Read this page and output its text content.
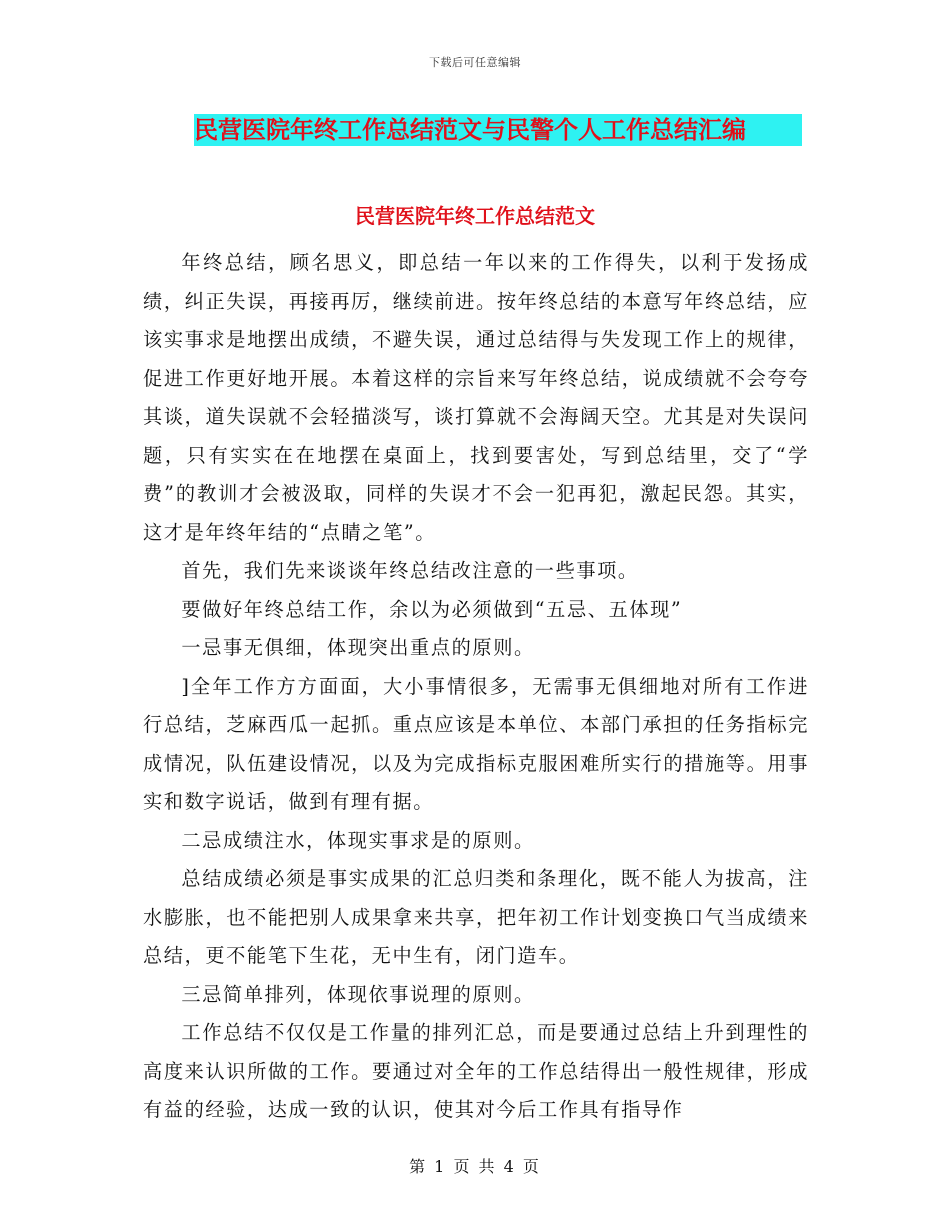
下载后可任意编辑
民营医院年终工作总结范文与民警个人工作总结汇编
民营医院年终工作总结范文

年终总结，顾名思义，即总结一年以来的工作得失，以利于发扬成绩，纠正失误，再接再厉，继续前进。按年终总结的本意写年终总结，应该实事求是地摆出成绩，不避失误，通过总结得与失发现工作上的规律，促进工作更好地开展。本着这样的宗旨来写年终总结，说成绩就不会夸夸其谈，道失误就不会轻描淡写，谈打算就不会海阔天空。尤其是对失误问题，只有实实在在地摆在桌面上，找到要害处，写到总结里，交了“学费”的教训才会被汲取，同样的失误才不会一犯再犯，激起民怨。其实，这才是年终年结的“点睛之笔”。

首先，我们先来谈谈年终总结改注意的一些事项。

要做好年终总结工作，余以为必须做到“五忌、五体现”

一忌事无俱细，体现突出重点的原则。

]全年工作方方面面，大小事情很多，无需事无俱细地对所有工作进行总结，芝麻西瓜一起抓。重点应该是本单位、本部门承担的任务指标完成情况，队伍建设情况，以及为完成指标克服困难所实行的措施等。用事实和数字说话，做到有理有据。

二忌成绩注水，体现实事求是的原则。

总结成绩必须是事实成果的汇总归类和条理化，既不能人为拔高，注水膨胀，也不能把别人成果拿来共享，把年初工作计划变换口气当成绩来总结，更不能笔下生花，无中生有，闭门造车。

三忌简单排列，体现依事说理的原则。

工作总结不仅仅是工作量的排列汇总，而是要通过总结上升到理性的高度来认识所做的工作。要通过对全年的工作总结得出一般性规律，形成有益的经验，达成一致的认识，使其对今后工作具有指导作

第 1 页 共 4 页
